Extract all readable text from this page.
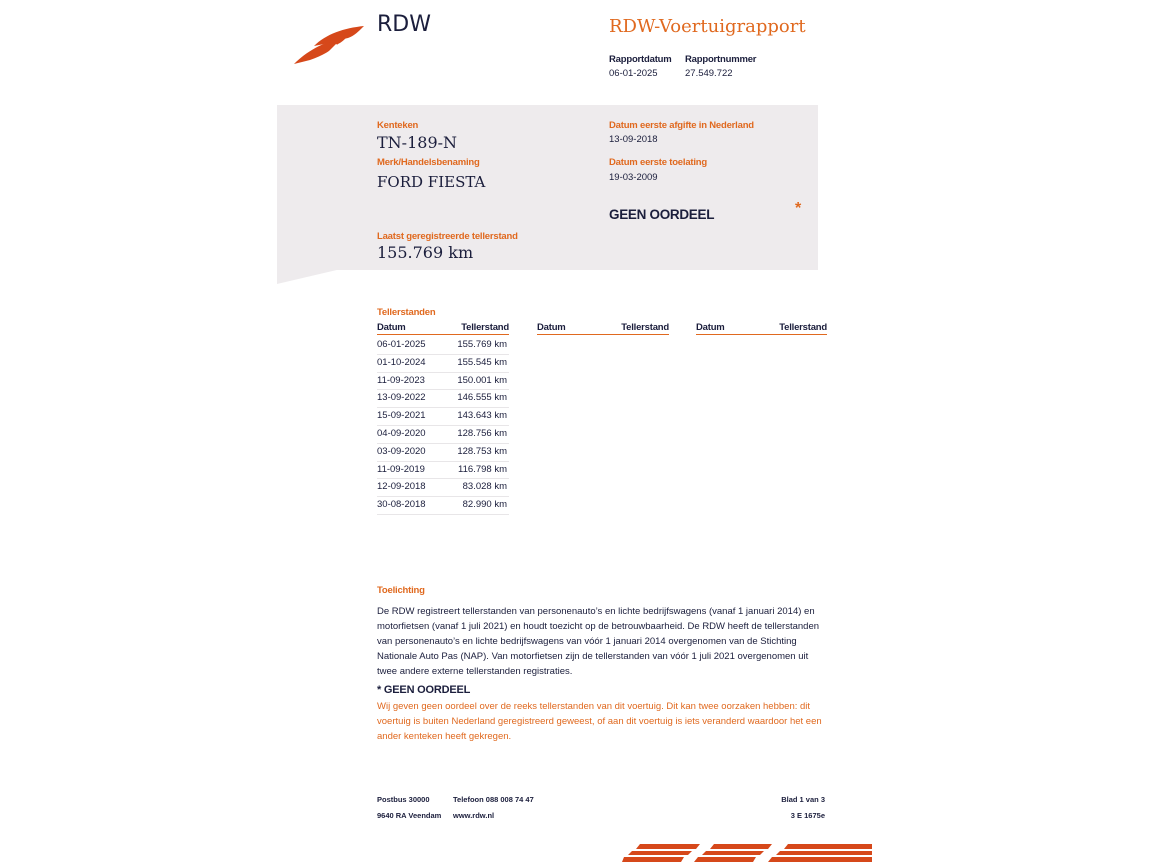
RDW	RDW-Voertuigrapport
Rapportdatum
06-01-2025
Rapportnummer
27.549.722
Kenteken
TN-189-N
Merk/Handelsbenaming
FORD FIESTA
Laatst geregistreerde tellerstand
155.769 km
Datum eerste afgifte in Nederland
13-09-2018
Datum eerste toelating
19-03-2009
GEEN OORDEEL	*
Tellerstanden
Datum	Tellerstand	Datum	Tellerstand	Datum	Tellerstand
06-01-2025	155.769 km
01-10-2024	155.545 km
11-09-2023	150.001 km
13-09-2022	146.555 km
15-09-2021	143.643 km
04-09-2020	128.756 km
03-09-2020	128.753 km
11-09-2019	116.798 km
12-09-2018	83.028 km
30-08-2018	82.990 km
Toelichting
De RDW registreert tellerstanden van personenauto’s en lichte bedrijfswagens (vanaf 1 januari 2014) en motorfietsen (vanaf 1 juli 2021) en houdt toezicht op de betrouwbaarheid. De RDW heeft de tellerstanden van personenauto’s en lichte bedrijfswagens van vóór 1 januari 2014 overgenomen van de Stichting Nationale Auto Pas (NAP). Van motorfietsen zijn de tellerstanden van vóór 1 juli 2021 overgenomen uit twee andere externe tellerstanden registraties.
* GEEN OORDEEL
Wij geven geen oordeel over de reeks tellerstanden van dit voertuig. Dit kan twee oorzaken hebben: dit voertuig is buiten Nederland geregistreerd geweest, of aan dit voertuig is iets veranderd waardoor het een ander kenteken heeft gekregen.
Postbus 30000
9640 RA Veendam
Telefoon 088 008 74 47
www.rdw.nl
Blad 1 van 3
3 E 1675e
